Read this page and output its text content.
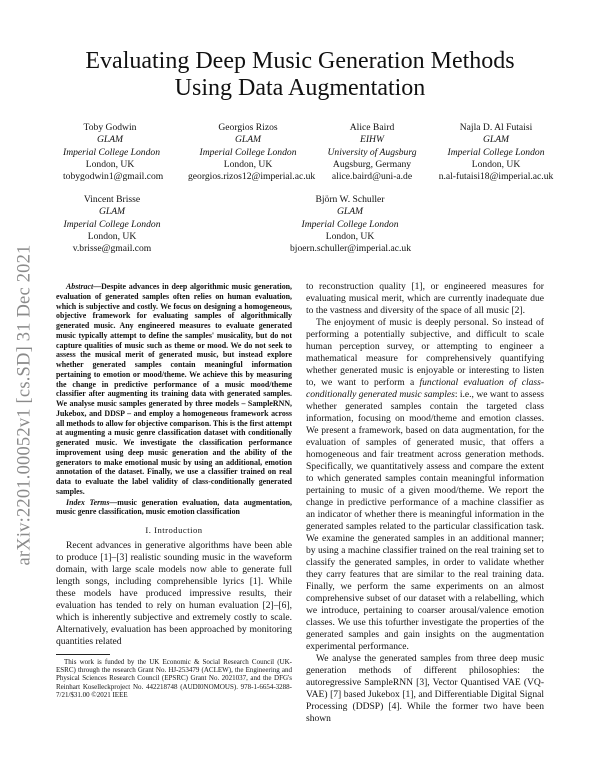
arXiv:2201.00052v1 [cs.SD] 31 Dec 2021
Evaluating Deep Music Generation Methods
Using Data Augmentation
Toby Godwin
GLAM
Imperial College London
London, UK
tobygodwin1@gmail.com
Georgios Rizos
GLAM
Imperial College London
London, UK
georgios.rizos12@imperial.ac.uk
Alice Baird
EIHW
University of Augsburg
Augsburg, Germany
alice.baird@uni-a.de
Najla D. Al Futaisi
GLAM
Imperial College London
London, UK
n.al-futaisi18@imperial.ac.uk
Vincent Brisse
GLAM
Imperial College London
London, UK
v.brisse@gmail.com
Björn W. Schuller
GLAM
Imperial College London
London, UK
bjoern.schuller@imperial.ac.uk

Abstract—Despite advances in deep algorithmic music generation, evaluation of generated samples often relies on human evaluation, which is subjective and costly. We focus on designing a homogeneous, objective framework for evaluating samples of algorithmically generated music. Any engineered measures to evaluate generated music typically attempt to define the samples' musicality, but do not capture qualities of music such as theme or mood. We do not seek to assess the musical merit of generated music, but instead explore whether generated samples contain meaningful information pertaining to emotion or mood/theme. We achieve this by measuring the change in predictive performance of a music mood/theme classifier after augmenting its training data with generated samples. We analyse music samples generated by three models – SampleRNN, Jukebox, and DDSP – and employ a homogeneous framework across all methods to allow for objective comparison. This is the first attempt at augmenting a music genre classification dataset with conditionally generated music. We investigate the classification performance improvement using deep music generation and the ability of the generators to make emotional music by using an additional, emotion annotation of the dataset. Finally, we use a classifier trained on real data to evaluate the label validity of class-conditionally generated samples.

Index Terms—music generation evaluation, data augmentation, music genre classification, music emotion classification

I. Introduction

Recent advances in generative algorithms have been able to produce [1]–[3] realistic sounding music in the waveform domain, with large scale models now able to generate full length songs, including comprehensible lyrics [1]. While these models have produced impressive results, their evaluation has tended to rely on human evaluation [2]–[6], which is inherently subjective and extremely costly to scale. Alternatively, evaluation has been approached by monitoring quantities related

This work is funded by the UK Economic & Social Research Council (UK-ESRC) through the research Grant No. HJ-253479 (ACLEW), the Engineering and Physical Sciences Research Council (EPSRC) Grant No. 2021037, and the DFG's Reinhart Koselleckproject No. 442218748 (AUDI0NOMOUS). 978-1-6654-3288-7/21/$31.00 ©2021 IEEE

to reconstruction quality [1], or engineered measures for evaluating musical merit, which are currently inadequate due to the vastness and diversity of the space of all music [2].

The enjoyment of music is deeply personal. So instead of performing a potentially subjective, and difficult to scale human perception survey, or attempting to engineer a mathematical measure for comprehensively quantifying whether generated music is enjoyable or interesting to listen to, we want to perform a functional evaluation of class-conditionally generated music samples: i.e., we want to assess whether generated samples contain the targeted class information, focusing on mood/theme and emotion classes. We present a framework, based on data augmentation, for the evaluation of samples of generated music, that offers a homogeneous and fair treatment across generation methods. Specifically, we quantitatively assess and compare the extent to which generated samples contain meaningful information pertaining to music of a given mood/theme. We report the change in predictive performance of a machine classifier as an indicator of whether there is meaningful information in the generated samples related to the particular classification task. We examine the generated samples in an additional manner; by using a machine classifier trained on the real training set to classify the generated samples, in order to validate whether they carry features that are similar to the real training data. Finally, we perform the same experiments on an almost comprehensive subset of our dataset with a relabelling, which we introduce, pertaining to coarser arousal/valence emotion classes. We use this tofurther investigate the properties of the generated samples and gain insights on the augmentation experimental performance.

We analyse the generated samples from three deep music generation methods of different philosophies: the autoregressive SampleRNN [3], Vector Quantised VAE (VQ-VAE) [7] based Jukebox [1], and Differentiable Digital Signal Processing (DDSP) [4]. While the former two have been shown
